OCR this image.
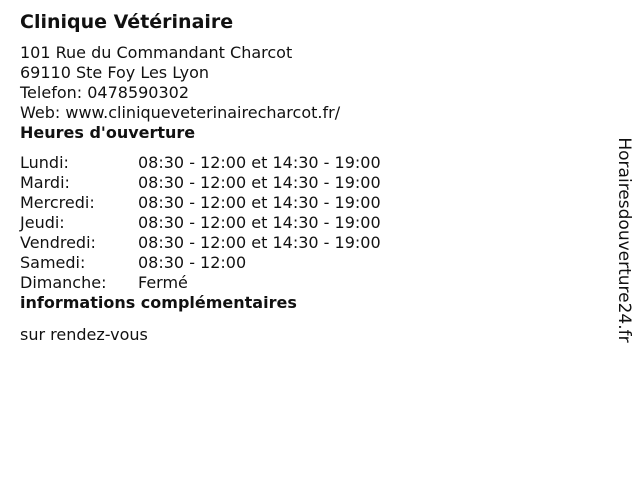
Clinique Vétérinaire
101 Rue du Commandant Charcot
69110 Ste Foy Les Lyon
Telefon: 0478590302
Web: www.cliniqueveterinairecharcot.fr/
Heures d'ouverture
Lundi:	08:30 - 12:00 et 14:30 - 19:00
Mardi:	08:30 - 12:00 et 14:30 - 19:00
Mercredi:	08:30 - 12:00 et 14:30 - 19:00
Jeudi:	08:30 - 12:00 et 14:30 - 19:00
Vendredi:	08:30 - 12:00 et 14:30 - 19:00
Samedi:	08:30 - 12:00
Dimanche:	Fermé
informations complémentaires
sur rendez-vous	Horairesdouverture24.fr
